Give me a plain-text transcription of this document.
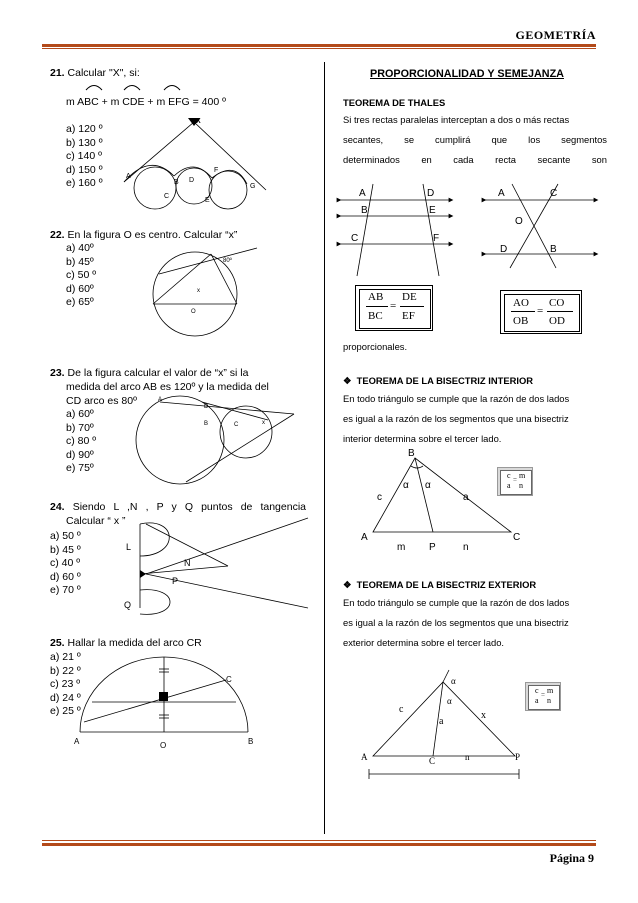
GEOMETRÍA
21. Calcular "X", si:
m ABC + m CDE + m EFG = 400 º
a) 120 º
b) 130 º
c) 140 º
d) 150 º
e) 160 º
X
A
B
C
D
E
F
G
22. En la figura O es centro. Calcular “x”
a) 40º
b) 45º
c) 50 º
d) 60º
e) 65º
80º
x
O
23. De la figura calcular el valor de “x” si la
medida del arco AB es 120º y la medida del
CD arco es 80º
a) 60º
b) 70º
c) 80 º
d) 90º
e) 75º
A
D
B	C	x
24. Siendo L ,N , P y Q puntos de tangencia
Calcular “ x ”
a) 50 º
b) 45 º
c) 40 º
d) 60 º
e) 70 º
L
N
P
Q
25. Hallar la medida del arco CR
a) 21 º
b) 22 º
c) 23 º
d) 24 º
e) 25 º
A	O	B
C
PROPORCIONALIDAD Y SEMEJANZA
TEOREMA DE THALES
Si tres rectas paralelas interceptan a dos o más rectas
secantes, se cumplirá que los segmentos
determinados en cada recta secante son
A
B
C
D
E
F
A	C
O
D	B
AB
BC
=
DE
EF
AO
OB
=
CO
OD
proporcionales.
❖ TEOREMA DE LA BISECTRIZ INTERIOR
En todo triángulo se cumple que la razón de dos lados
es igual a la razón de los segmentos que una bisectriz
interior determina sobre el tercer lado.
B
α α
c	a
A	C
m P	n
c
a
= m
n
❖ TEOREMA DE LA BISECTRIZ EXTERIOR
En todo triángulo se cumple que la razón de dos lados
es igual a la razón de los segmentos que una bisectriz
exterior determina sobre el tercer lado.
α
α
c
a
x
A	C	n	P
c
a
= m
n
Página 9
